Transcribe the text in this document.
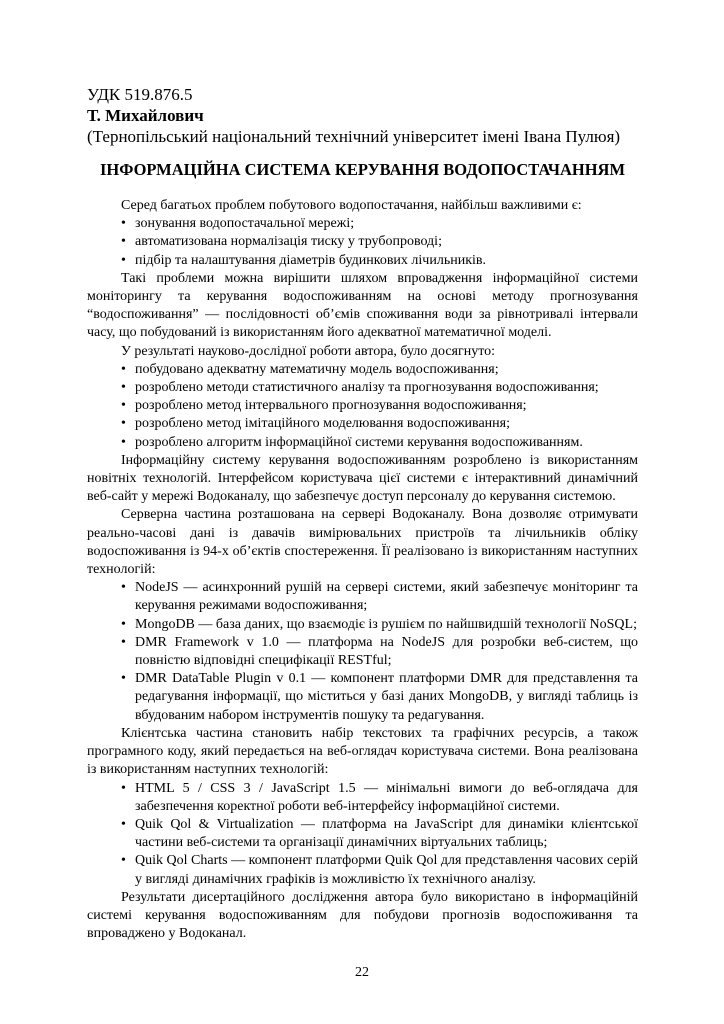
УДК 519.876.5
Т. Михайлович
(Тернопільський національний технічний університет імені Івана Пулюя)
ІНФОРМАЦІЙНА СИСТЕМА КЕРУВАННЯ ВОДОПОСТАЧАННЯМ

Серед багатьох проблем побутового водопостачання, найбільш важливими є:

• зонування водопостачальної мережі;
• автоматизована нормалізація тиску у трубопроводі;
• підбір та налаштування діаметрів будинкових лічильників.

Такі проблеми можна вирішити шляхом впровадження інформаційної системи моніторингу та керування водоспоживанням на основі методу прогнозування “водоспоживання” — послідовності об’ємів споживання води за рівнотривалі інтервали часу, що побудований із використанням його адекватної математичної моделі.

У результаті науково-дослідної роботи автора, було досягнуто:

• побудовано адекватну математичну модель водоспоживання;
• розроблено методи статистичного аналізу та прогнозування водоспоживання;
• розроблено метод інтервального прогнозування водоспоживання;
• розроблено метод імітаційного моделювання водоспоживання;
• розроблено алгоритм інформаційної системи керування водоспоживанням.

Інформаційну систему керування водоспоживанням розроблено із використанням новітніх технологій. Інтерфейсом користувача цієї системи є інтерактивний динамічний веб-сайт у мережі Водоканалу, що забезпечує доступ персоналу до керування системою.

Серверна частина розташована на сервері Водоканалу. Вона дозволяє отримувати реально-часові дані із давачів вимірювальних пристроїв та лічильників обліку водоспоживання із 94-х об’єктів спостереження. Її реалізовано із використанням наступних технологій:

• NodeJS — асинхронний рушій на сервері системи, який забезпечує моніторинг та керування режимами водоспоживання;
• MongoDB — база даних, що взаємодіє із рушієм по найшвидшій технології NoSQL;
• DMR Framework v 1.0 — платформа на NodeJS для розробки веб-систем, що повністю відповідні специфікації RESTful;
• DMR DataTable Plugin v 0.1 — компонент платформи DMR для представлення та редагування інформації, що міститься у базі даних MongoDB, у вигляді таблиць із вбудованим набором інструментів пошуку та редагування.

Клієнтська частина становить набір текстових та графічних ресурсів, а також програмного коду, який передається на веб-оглядач користувача системи. Вона реалізована із використанням наступних технологій:

• HTML 5 / CSS 3 / JavaScript 1.5 — мінімальні вимоги до веб-оглядача для забезпечення коректної роботи веб-інтерфейсу інформаційної системи.
• Quik Qol & Virtualization — платформа на JavaScript для динаміки клієнтської частини веб-системи та організації динамічних віртуальних таблиць;
• Quik Qol Charts — компонент платформи Quik Qol для представлення часових серій у вигляді динамічних графіків із можливістю їх технічного аналізу.

Результати дисертаційного дослідження автора було використано в інформаційній системі керування водоспоживанням для побудови прогнозів водоспоживання та впроваджено у Водоканал.

22
